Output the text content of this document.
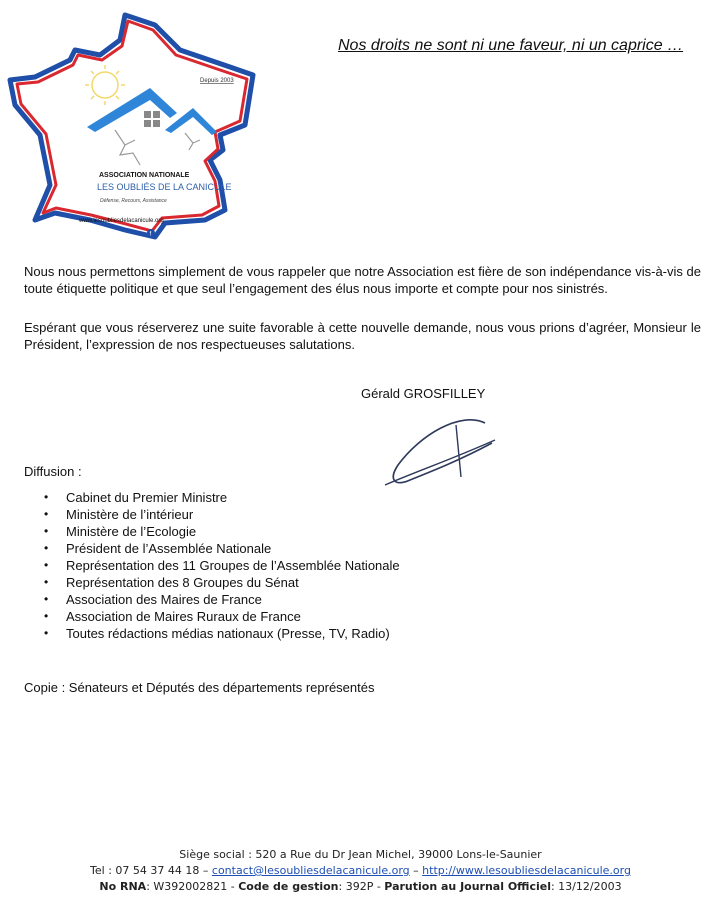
Depuis 2003
ASSOCIATION NATIONALE
LES OUBLIÉS DE LA CANICULE
Défense, Recours, Assistance
www.lesoubliesdelacanicule.org
f
Nos droits ne sont ni une faveur, ni un caprice …
Nous nous permettons simplement de vous rappeler que notre Association est fière de son indépendance vis-à-vis de toute étiquette politique et que seul l’engagement des élus nous importe et compte pour nos sinistrés.
Espérant que vous réserverez une suite favorable à cette nouvelle demande, nous vous prions d’agréer, Monsieur le Président, l’expression de nos respectueuses salutations.
Gérald GROSFILLEY
Diffusion :
• Cabinet du Premier Ministre
• Ministère de l’intérieur
• Ministère de l’Ecologie
• Président de l’Assemblée Nationale
• Représentation des 11 Groupes de l’Assemblée Nationale
• Représentation des 8 Groupes du Sénat
• Association des Maires de France
• Association de Maires Ruraux de France
• Toutes rédactions médias nationaux (Presse, TV, Radio)
Copie : Sénateurs et Députés des départements représentés
Siège social : 520 a Rue du Dr Jean Michel, 39000 Lons-le-Saunier
Tel : 07 54 37 44 18 – contact@lesoubliesdelacanicule.org – http://www.lesoubliesdelacanicule.org
No RNA: W392002821 - Code de gestion: 392P - Parution au Journal Officiel: 13/12/2003
